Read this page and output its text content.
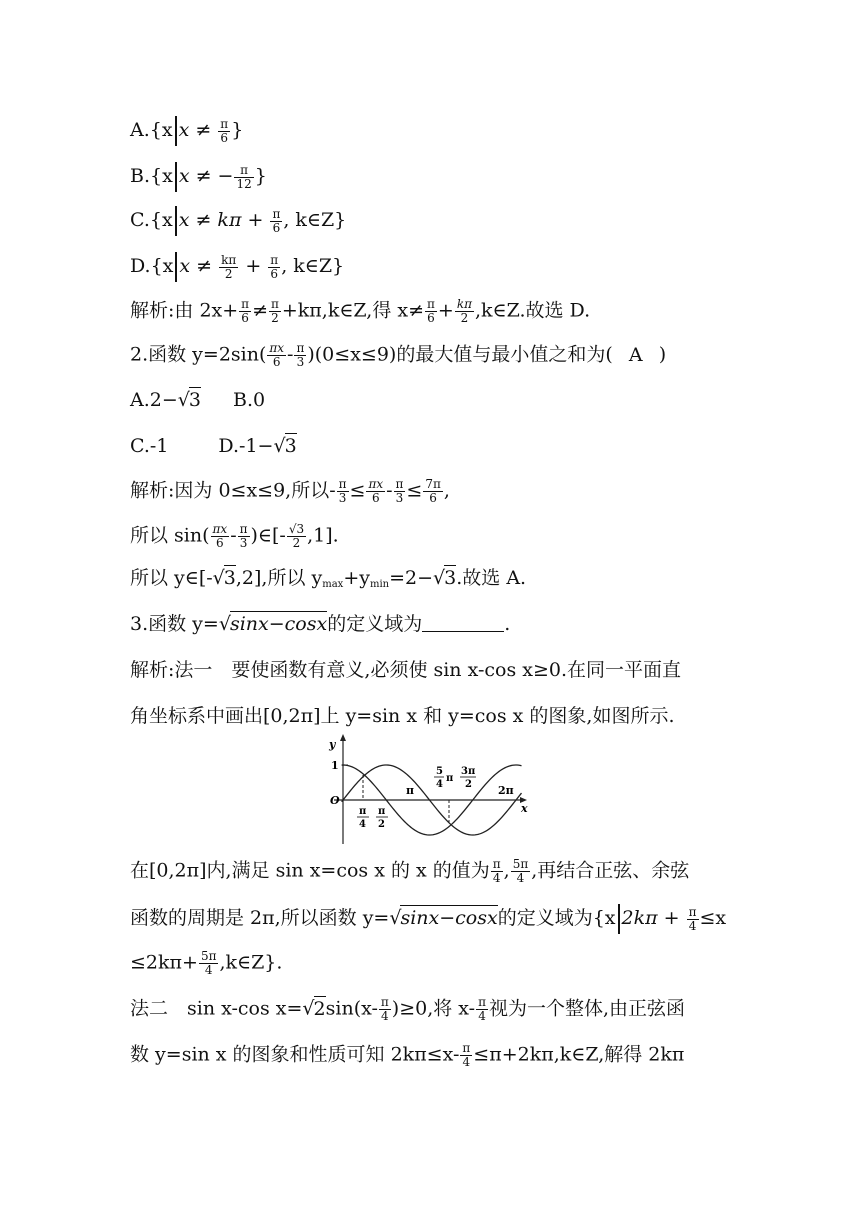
A.{x $x \ne \frac{\pi}{6}$ }
B.{x x ≠ − $\frac{\pi}{12}$ }
C.{x $x \ne k\pi + \frac{\pi}{6}$ , k∈Z}
D.{x $x \ne \frac{k\pi}{2} + \frac{\pi}{6}$ , k∈Z}
解析:由 $2x+ \frac{\pi}{6} \ne \frac{\pi}{2}$ +kπ,k∈Z,得 $x\ne \frac{\pi}{6} + \frac{k\pi}{2}$ ,k∈Z.故选 D.
2.函数 $y=2\sin( \frac{\pi x}{6} - \frac{\pi}{3} )(0\le x\le 9)$的最大值与最小值之和为( A )
A.2−√3 B.0
C.-1	D.-1−√3
解析:因为 0≤x≤9,所以- $\frac{\pi}{3} \le \frac{\pi x}{6} - \frac{\pi}{3} \le \frac{7\pi}{6}$ ,
所以 $\sin( \frac{\pi x}{6} - \frac{\pi}{3}$ )∈[- $\frac{√3}{2} ,1$].
所以 y∈[-√3,2],所以 $y_{max}+y_{min}=2-√3$.故选 A.
3.函数 y=√sinx−cosx的定义域为	.
解析:法一　要使函数有意义,必须使 sin x-cos x≥0.在同一平面直
角坐标系中画出[0,2π]上 y=sin x 和 y=cos x 的图象,如图所示.
y
x
O
1
π	2π
π
4
π
2
5
4
π
3π
2
在[0,2π]内,满足 sin x=cos x 的 x 的值为 $\frac{\pi}{4}$ , $\frac{5\pi}{4}$ ,再结合正弦、余弦
函数的周期是 2π,所以函数 y=√sinx−cosx的定义域为{x $2k\pi + \frac{\pi}{4} \le x$
$\le 2k\pi+ \frac{5\pi}{4}$ ,k∈Z}.
法二　sin x-cos $x=√2\sin(x- \frac{\pi}{4} )\ge 0$,将 $x- \frac{\pi}{4}$ 视为一个整体,由正弦函
数 y=sin x 的图象和性质可知 $2k\pi\le x- \frac{\pi}{4}$ ≤π+2kπ,k∈Z,解得 2kπ
